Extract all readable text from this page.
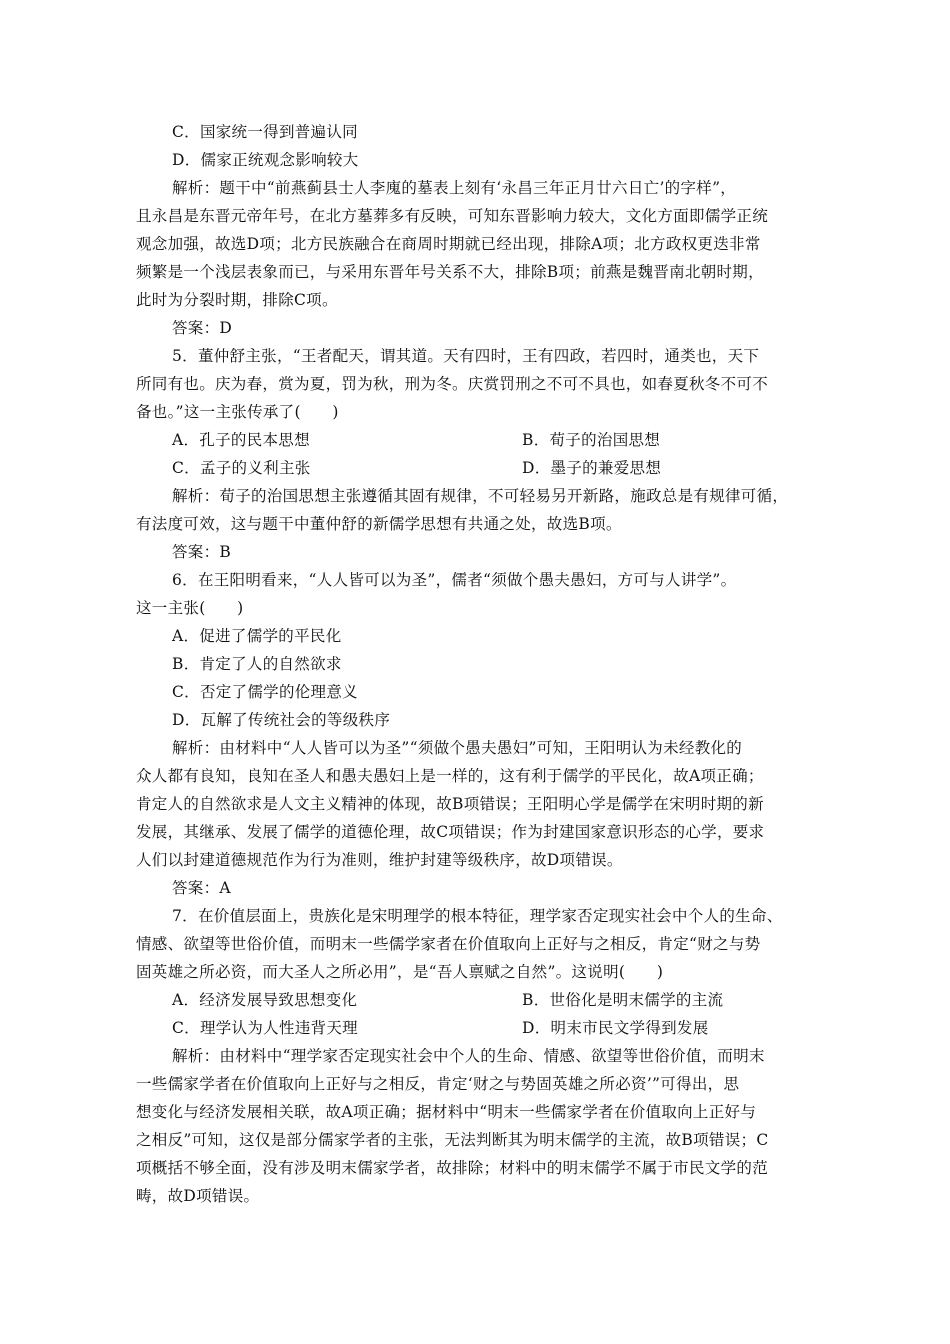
C．国家统一得到普遍认同
D．儒家正统观念影响较大
解析：题干中“前燕蓟县士人李廆的墓表上刻有‘永昌三年正月廿六日亡’的字样”，
且永昌是东晋元帝年号，在北方墓葬多有反映，可知东晋影响力较大，文化方面即儒学正统
观念加强，故选D项；北方民族融合在商周时期就已经出现，排除A项；北方政权更迭非常
频繁是一个浅层表象而已，与采用东晋年号关系不大，排除B项；前燕是魏晋南北朝时期，
此时为分裂时期，排除C项。
答案：D
5．董仲舒主张，“王者配天，谓其道。天有四时，王有四政，若四时，通类也，天下
所同有也。庆为春，赏为夏，罚为秋，刑为冬。庆赏罚刑之不可不具也，如春夏秋冬不可不
备也。”这一主张传承了(　　)
A．孔子的民本思想	B．荀子的治国思想
C．孟子的义利主张	D．墨子的兼爱思想
解析：荀子的治国思想主张遵循其固有规律，不可轻易另开新路，施政总是有规律可循，
有法度可效，这与题干中董仲舒的新儒学思想有共通之处，故选B项。
答案：B
6．在王阳明看来，“人人皆可以为圣”，儒者“须做个愚夫愚妇，方可与人讲学”。
这一主张(　　)
A．促进了儒学的平民化
B．肯定了人的自然欲求
C．否定了儒学的伦理意义
D．瓦解了传统社会的等级秩序
解析：由材料中“人人皆可以为圣”“须做个愚夫愚妇”可知，王阳明认为未经教化的
众人都有良知，良知在圣人和愚夫愚妇上是一样的，这有利于儒学的平民化，故A项正确；
肯定人的自然欲求是人文主义精神的体现，故B项错误；王阳明心学是儒学在宋明时期的新
发展，其继承、发展了儒学的道德伦理，故C项错误；作为封建国家意识形态的心学，要求
人们以封建道德规范作为行为准则，维护封建等级秩序，故D项错误。
答案：A
7．在价值层面上，贵族化是宋明理学的根本特征，理学家否定现实社会中个人的生命、
情感、欲望等世俗价值，而明末一些儒学家者在价值取向上正好与之相反，肯定“财之与势
固英雄之所必资，而大圣人之所必用”，是“吾人禀赋之自然”。这说明(　　)
A．经济发展导致思想变化	B．世俗化是明末儒学的主流
C．理学认为人性违背天理	D．明末市民文学得到发展
解析：由材料中“理学家否定现实社会中个人的生命、情感、欲望等世俗价值，而明末
一些儒家学者在价值取向上正好与之相反，肯定‘财之与势固英雄之所必资’”可得出，思
想变化与经济发展相关联，故A项正确；据材料中“明末一些儒家学者在价值取向上正好与
之相反”可知，这仅是部分儒家学者的主张，无法判断其为明末儒学的主流，故B项错误；C
项概括不够全面，没有涉及明末儒家学者，故排除；材料中的明末儒学不属于市民文学的范
畴，故D项错误。
